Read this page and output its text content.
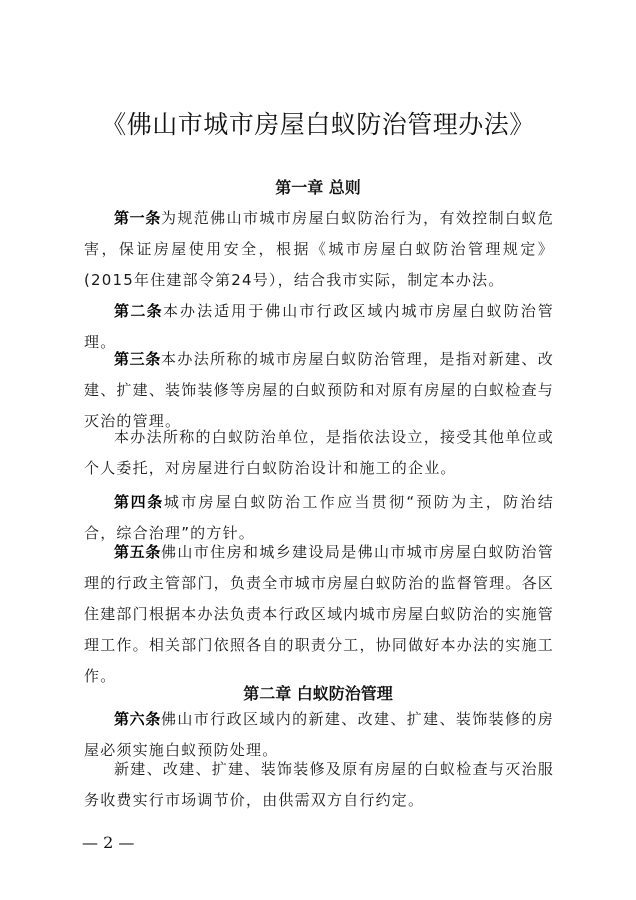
《佛山市城市房屋白蚁防治管理办法》
第一章 总则

第一条为规范佛山市城市房屋白蚁防治行为，有效控制白蚁危害，保证房屋使用安全，根据《城市房屋白蚁防治管理规定》(2015年住建部令第24号），结合我市实际，制定本办法。

第二条本办法适用于佛山市行政区域内城市房屋白蚁防治管理。

第三条本办法所称的城市房屋白蚁防治管理，是指对新建、改建、扩建、装饰装修等房屋的白蚁预防和对原有房屋的白蚁检查与灭治的管理。

本办法所称的白蚁防治单位，是指依法设立，接受其他单位或个人委托，对房屋进行白蚁防治设计和施工的企业。

第四条城市房屋白蚁防治工作应当贯彻“预防为主，防治结合，综合治理”的方针。

第五条佛山市住房和城乡建设局是佛山市城市房屋白蚁防治管理的行政主管部门，负责全市城市房屋白蚁防治的监督管理。各区住建部门根据本办法负责本行政区域内城市房屋白蚁防治的实施管理工作。相关部门依照各自的职责分工，协同做好本办法的实施工作。

第二章 白蚁防治管理

第六条佛山市行政区域内的新建、改建、扩建、装饰装修的房屋必须实施白蚁预防处理。

新建、改建、扩建、装饰装修及原有房屋的白蚁检查与灭治服务收费实行市场调节价，由供需双方自行约定。

— 2 —
